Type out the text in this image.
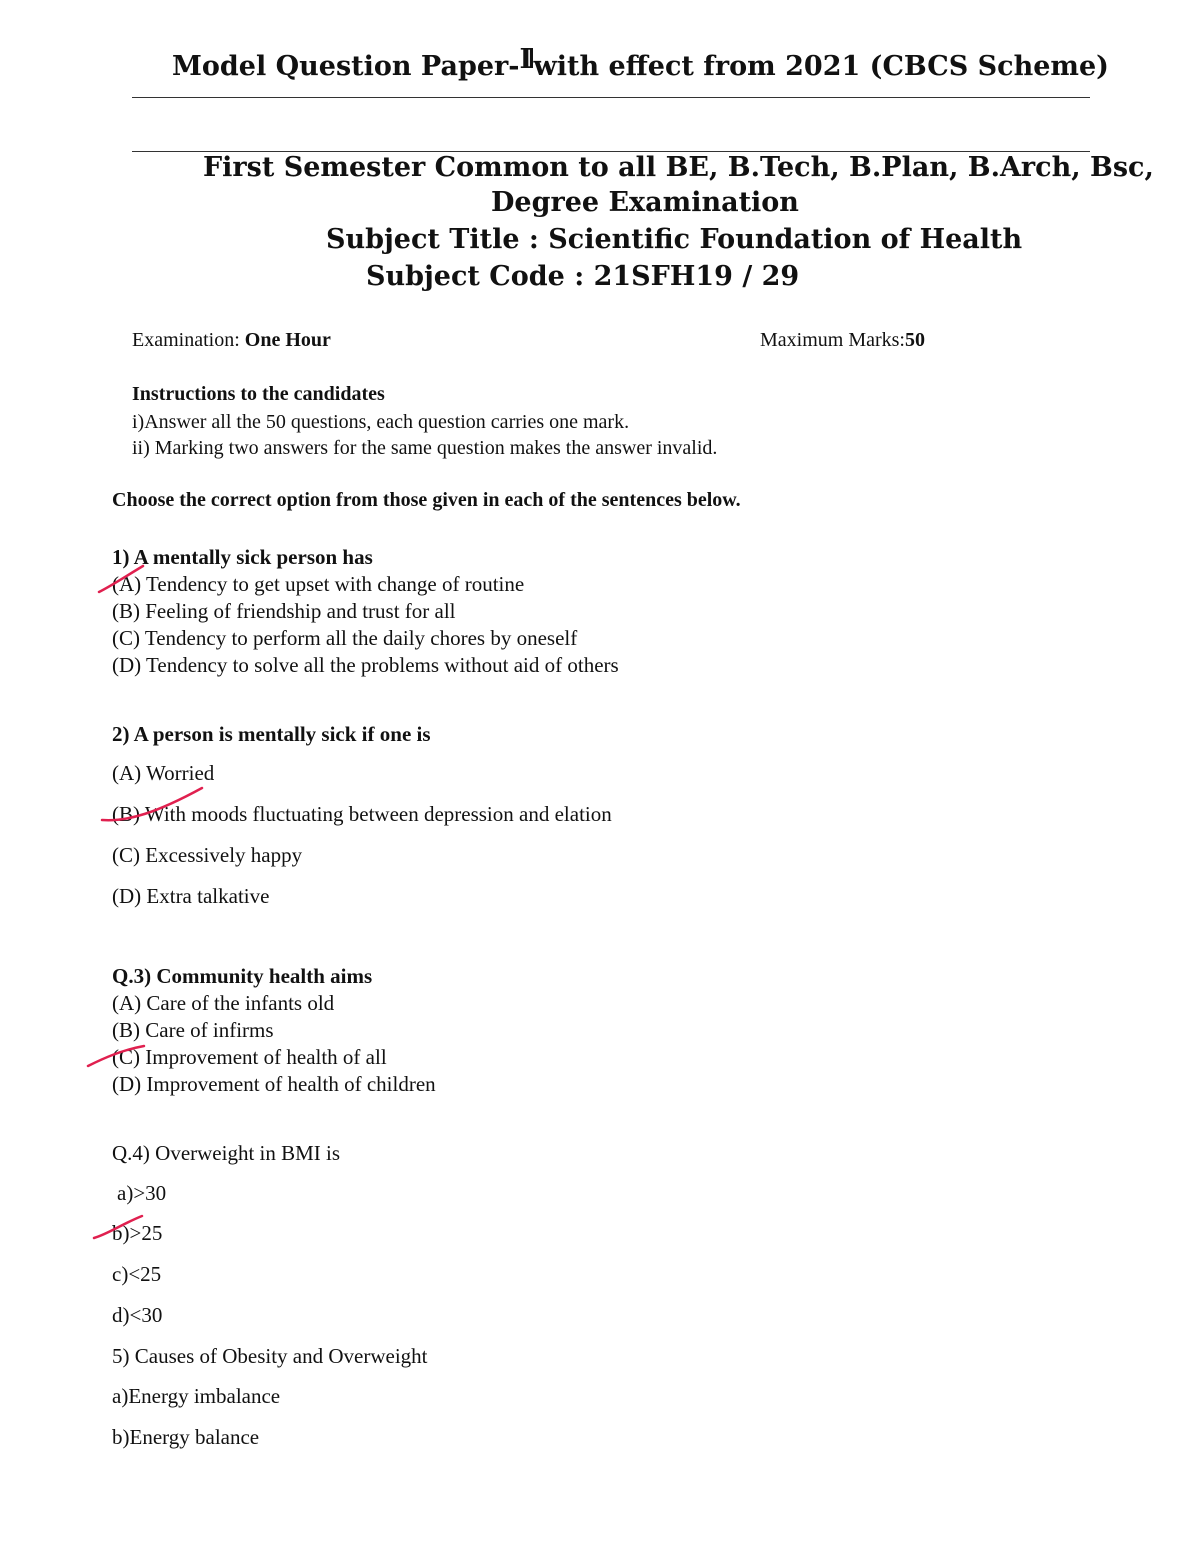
Model Question Paper-IIwith effect from 2021 (CBCS Scheme)
First Semester Common to all BE, B.Tech, B.Plan, B.Arch, Bsc,
Degree Examination
Subject Title : Scientific Foundation of Health
Subject Code : 21SFH19 / 29
Examination: One Hour	Maximum Marks:50
Instructions to the candidates
i)Answer all the 50 questions, each question carries one mark.
ii) Marking two answers for the same question makes the answer invalid.
Choose the correct option from those given in each of the sentences below.
1) A mentally sick person has
(A) Tendency to get upset with change of routine
(B) Feeling of friendship and trust for all
(C) Tendency to perform all the daily chores by oneself
(D) Tendency to solve all the problems without aid of others
2) A person is mentally sick if one is
(A) Worried
(B) With moods fluctuating between depression and elation
(C) Excessively happy
(D) Extra talkative
Q.3) Community health aims
(A) Care of the infants old
(B) Care of infirms
(C) Improvement of health of all
(D) Improvement of health of children
Q.4) Overweight in BMI is
a)>30
b)>25
c)<25
d)<30
5) Causes of Obesity and Overweight
a)Energy imbalance
b)Energy balance
